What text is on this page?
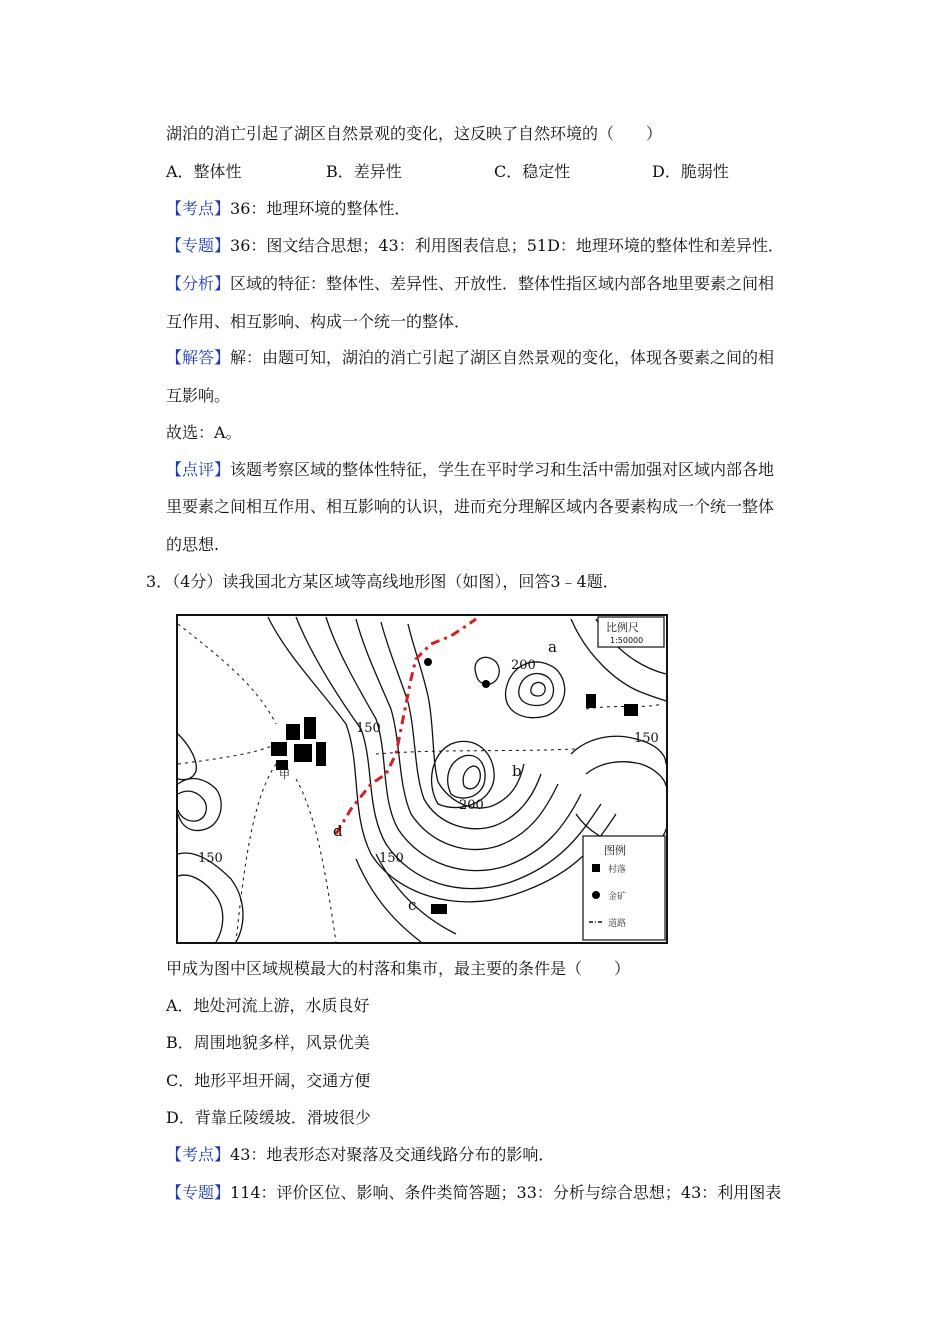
湖泊的消亡引起了湖区自然景观的变化，这反映了自然环境的（　　）
A．整体性	B．差异性	C．稳定性	D．脆弱性
【考点】36：地理环境的整体性．
【专题】36：图文结合思想；43：利用图表信息；51D：地理环境的整体性和差异性．
【分析】区域的特征：整体性、差异性、开放性．整体性指区域内部各地里要素之间相
互作用、相互影响、构成一个统一的整体．
【解答】解：由题可知，湖泊的消亡引起了湖区自然景观的变化，体现各要素之间的相
互影响。
故选：A。
【点评】该题考察区域的整体性特征，学生在平时学习和生活中需加强对区域内部各地
里要素之间相互作用、相互影响的认识，进而充分理解区域内各要素构成一个统一整体
的思想.
3．（4分）读我国北方某区域等高线地形图（如图），回答3﹣4题．
200
200
150
150
150
150
a
b
c
d
甲
比例尺
1:50000
图例
村落
金矿
道路
甲成为图中区域规模最大的村落和集市，最主要的条件是（　　）
A．地处河流上游，水质良好
B．周围地貌多样，风景优美
C．地形平坦开阔，交通方便
D．背靠丘陵缓坡．滑坡很少
【考点】43：地表形态对聚落及交通线路分布的影响．
【专题】114：评价区位、影响、条件类简答题；33：分析与综合思想；43：利用图表
